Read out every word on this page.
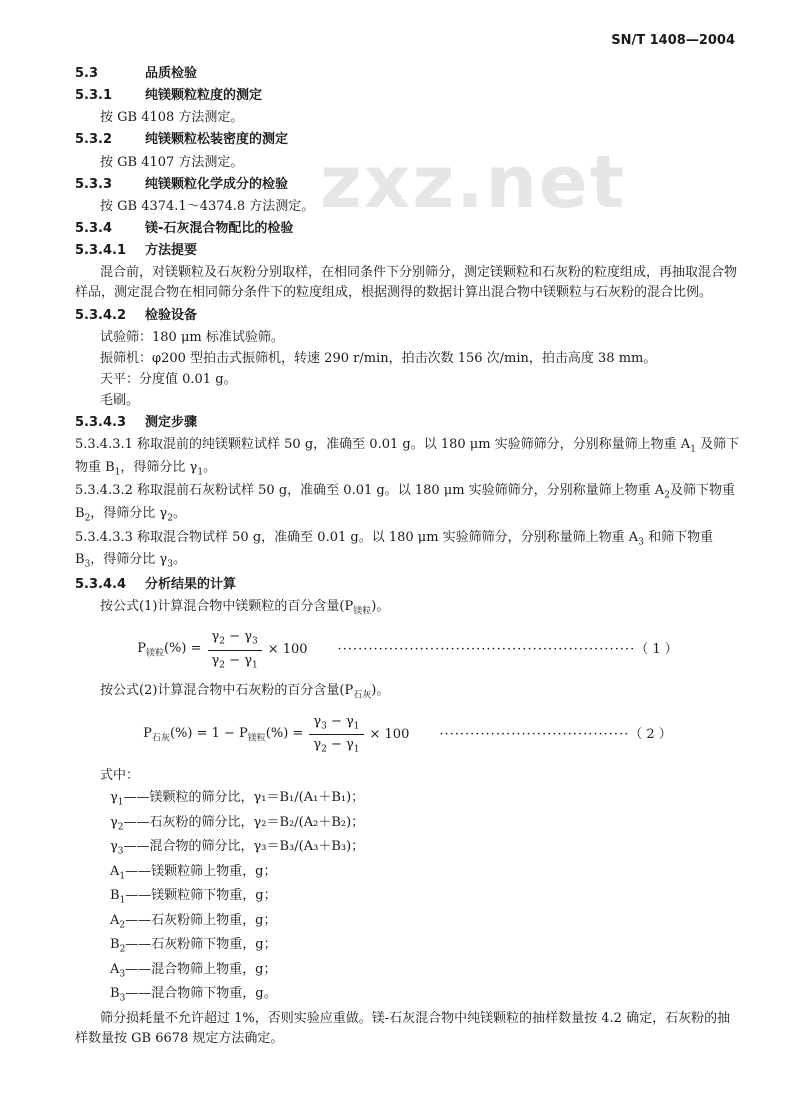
zxz.net
SN/T 1408—2004
5.3	品质检验
5.3.1	纯镁颗粒粒度的测定
按 GB 4108 方法测定。
5.3.2	纯镁颗粒松装密度的测定
按 GB 4107 方法测定。
5.3.3	纯镁颗粒化学成分的检验
按 GB 4374.1～4374.8 方法测定。
5.3.4	镁-石灰混合物配比的检验
5.3.4.1 方法提要
混合前，对镁颗粒及石灰粉分别取样，在相同条件下分别筛分，测定镁颗粒和石灰粉的粒度组成，再抽取混合物样品，测定混合物在相同筛分条件下的粒度组成，根据测得的数据计算出混合物中镁颗粒与石灰粉的混合比例。
5.3.4.2 检验设备
试验筛：180 μm 标准试验筛。
振筛机：φ200 型拍击式振筛机，转速 290 r/min，拍击次数 156 次/min，拍击高度 38 mm。
天平：分度值 0.01 g。
毛刷。
5.3.4.3 测定步骤
5.3.4.3.1 称取混前的纯镁颗粒试样 50 g，准确至 0.01 g。以 180 μm 实验筛筛分，分别称量筛上物重 $A_1$ 及筛下物重 $B_1$，得筛分比 $\gamma_1$。
5.3.4.3.2 称取混前石灰粉试样 50 g，准确至 0.01 g。以 180 μm 实验筛筛分，分别称量筛上物重 $A_2$及筛下物重 $B_2$，得筛分比 $\gamma_2$。
5.3.4.3.3 称取混合物试样 50 g，准确至 0.01 g。以 180 μm 实验筛筛分，分别称量筛上物重 $A_3$ 和筛下物重 $B_3$，得筛分比 $\gamma_3$。
5.3.4.4 分析结果的计算
按公式(1)计算混合物中镁颗粒的百分含量$(P_{镁粒})$。
$P_{镁粒}(\%) = \frac{\gamma_2 - \gamma_3}{\gamma_2 - \gamma_1} \times 100$ ·························································· （ 1 ）
按公式(2)计算混合物中石灰粉的百分含量$(P_{石灰})$。
$P_{石灰}(\%) = 1 - P_{镁粒}(\%) = \frac{\gamma_3 - \gamma_1}{\gamma_2 - \gamma_1} \times 100$ ····································· （ 2 ）
式中：
$\gamma_1——$镁颗粒的筛分比，γ₁＝B₁/(A₁＋B₁)；
$\gamma_2——$石灰粉的筛分比，γ₂＝B₂/(A₂＋B₂)；
$\gamma_3——$混合物的筛分比，γ₃＝B₃/(A₃＋B₃)；
$A_1——$镁颗粒筛上物重，g；
$B_1——$镁颗粒筛下物重，g；
$A_2——$石灰粉筛上物重，g；
$B_2——$石灰粉筛下物重，g；
$A_3——$混合物筛上物重，g；
$B_3——$混合物筛下物重，g。
筛分损耗量不允许超过 1%，否则实验应重做。镁-石灰混合物中纯镁颗粒的抽样数量按 4.2 确定，石灰粉的抽样数量按 GB 6678 规定方法确定。
